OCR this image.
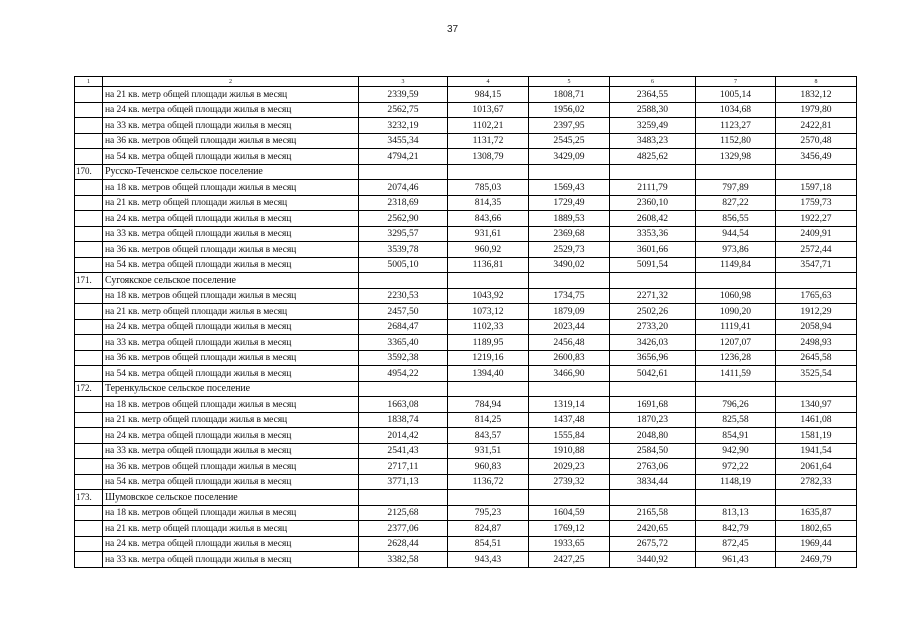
37
1	2	3	4	5	6	7	8
	на 21 кв. метр общей площади жилья в месяц	2339,59	984,15	1808,71	2364,55	1005,14	1832,12
	на 24 кв. метра общей площади жилья в месяц	2562,75	1013,67	1956,02	2588,30	1034,68	1979,80
	на 33 кв. метра общей площади жилья в месяц	3232,19	1102,21	2397,95	3259,49	1123,27	2422,81
	на 36 кв. метров общей площади жилья в месяц	3455,34	1131,72	2545,25	3483,23	1152,80	2570,48
	на 54 кв. метра общей площади жилья в месяц	4794,21	1308,79	3429,09	4825,62	1329,98	3456,49
170.	Русско-Теченское сельское поселение						
	на 18 кв. метров общей площади жилья в месяц	2074,46	785,03	1569,43	2111,79	797,89	1597,18
	на 21 кв. метр общей площади жилья в месяц	2318,69	814,35	1729,49	2360,10	827,22	1759,73
	на 24 кв. метра общей площади жилья в месяц	2562,90	843,66	1889,53	2608,42	856,55	1922,27
	на 33 кв. метра общей площади жилья в месяц	3295,57	931,61	2369,68	3353,36	944,54	2409,91
	на 36 кв. метров общей площади жилья в месяц	3539,78	960,92	2529,73	3601,66	973,86	2572,44
	на 54 кв. метра общей площади жилья в месяц	5005,10	1136,81	3490,02	5091,54	1149,84	3547,71
171.	Сугоякское сельское поселение						
	на 18 кв. метров общей площади жилья в месяц	2230,53	1043,92	1734,75	2271,32	1060,98	1765,63
	на 21 кв. метр общей площади жилья в месяц	2457,50	1073,12	1879,09	2502,26	1090,20	1912,29
	на 24 кв. метра общей площади жилья в месяц	2684,47	1102,33	2023,44	2733,20	1119,41	2058,94
	на 33 кв. метра общей площади жилья в месяц	3365,40	1189,95	2456,48	3426,03	1207,07	2498,93
	на 36 кв. метров общей площади жилья в месяц	3592,38	1219,16	2600,83	3656,96	1236,28	2645,58
	на 54 кв. метра общей площади жилья в месяц	4954,22	1394,40	3466,90	5042,61	1411,59	3525,54
172.	Теренкульское сельское поселение						
	на 18 кв. метров общей площади жилья в месяц	1663,08	784,94	1319,14	1691,68	796,26	1340,97
	на 21 кв. метр общей площади жилья в месяц	1838,74	814,25	1437,48	1870,23	825,58	1461,08
	на 24 кв. метра общей площади жилья в месяц	2014,42	843,57	1555,84	2048,80	854,91	1581,19
	на 33 кв. метра общей площади жилья в месяц	2541,43	931,51	1910,88	2584,50	942,90	1941,54
	на 36 кв. метров общей площади жилья в месяц	2717,11	960,83	2029,23	2763,06	972,22	2061,64
	на 54 кв. метра общей площади жилья в месяц	3771,13	1136,72	2739,32	3834,44	1148,19	2782,33
173.	Шумовское сельское поселение						
	на 18 кв. метров общей площади жилья в месяц	2125,68	795,23	1604,59	2165,58	813,13	1635,87
	на 21 кв. метр общей площади жилья в месяц	2377,06	824,87	1769,12	2420,65	842,79	1802,65
	на 24 кв. метра общей площади жилья в месяц	2628,44	854,51	1933,65	2675,72	872,45	1969,44
	на 33 кв. метра общей площади жилья в месяц	3382,58	943,43	2427,25	3440,92	961,43	2469,79
